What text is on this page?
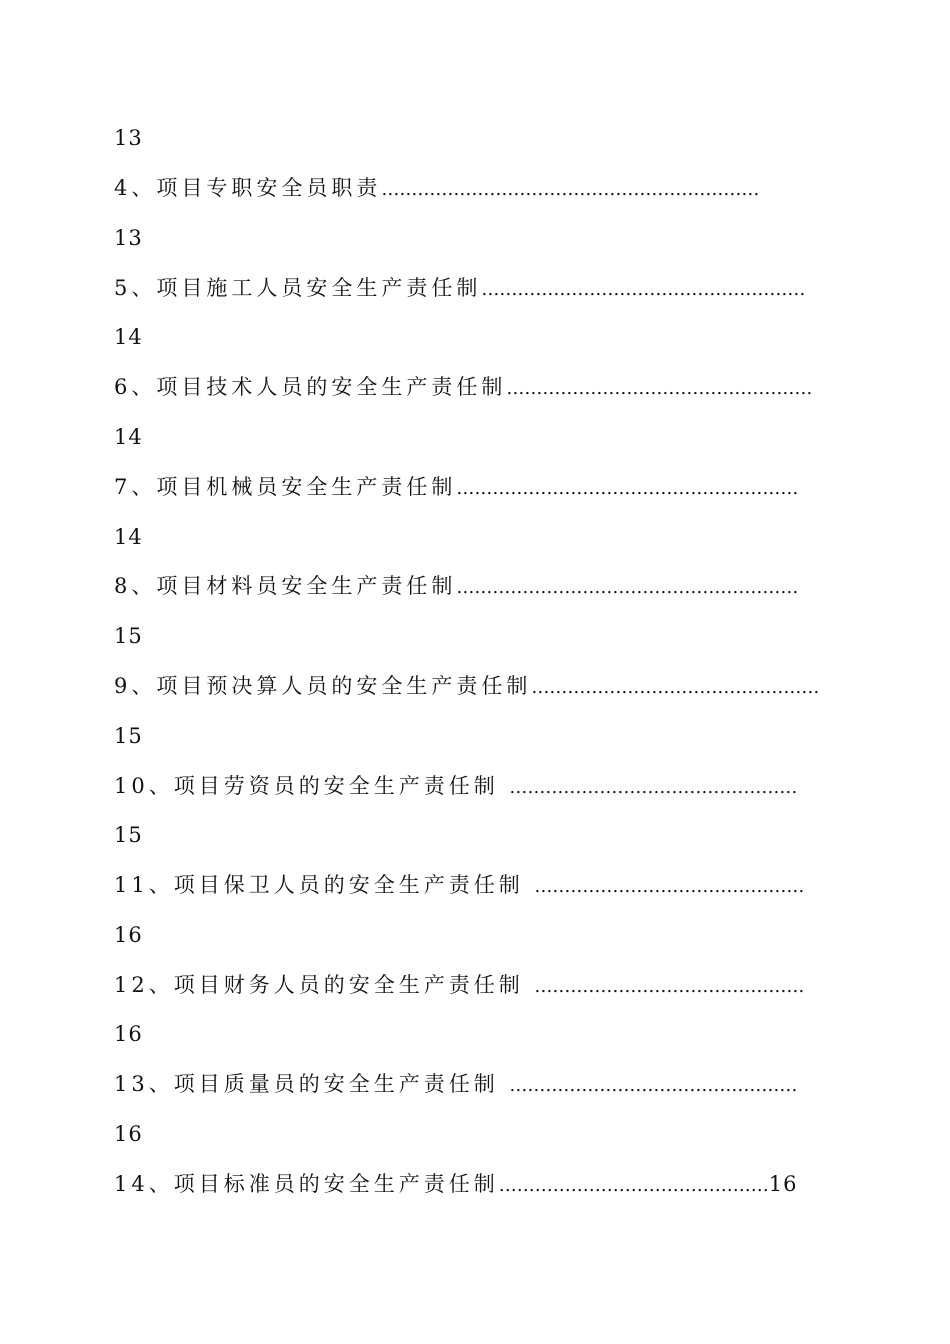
13
4、项目专职安全员职责………………………………………………………
13
5、项目施工人员安全生产责任制………………………………………………
14
6、项目技术人员的安全生产责任制……………………………………………
14
7、项目机械员安全生产责任制…………………………………………………
14
8、项目材料员安全生产责任制…………………………………………………
15
9、项目预决算人员的安全生产责任制…………………………………………
15
10、项目劳资员的安全生产责任制 …………………………………………
15
11、项目保卫人员的安全生产责任制 ………………………………………
16
12、项目财务人员的安全生产责任制 ………………………………………
16
13、项目质量员的安全生产责任制 …………………………………………
16
14、项目标准员的安全生产责任制………………………………………16
